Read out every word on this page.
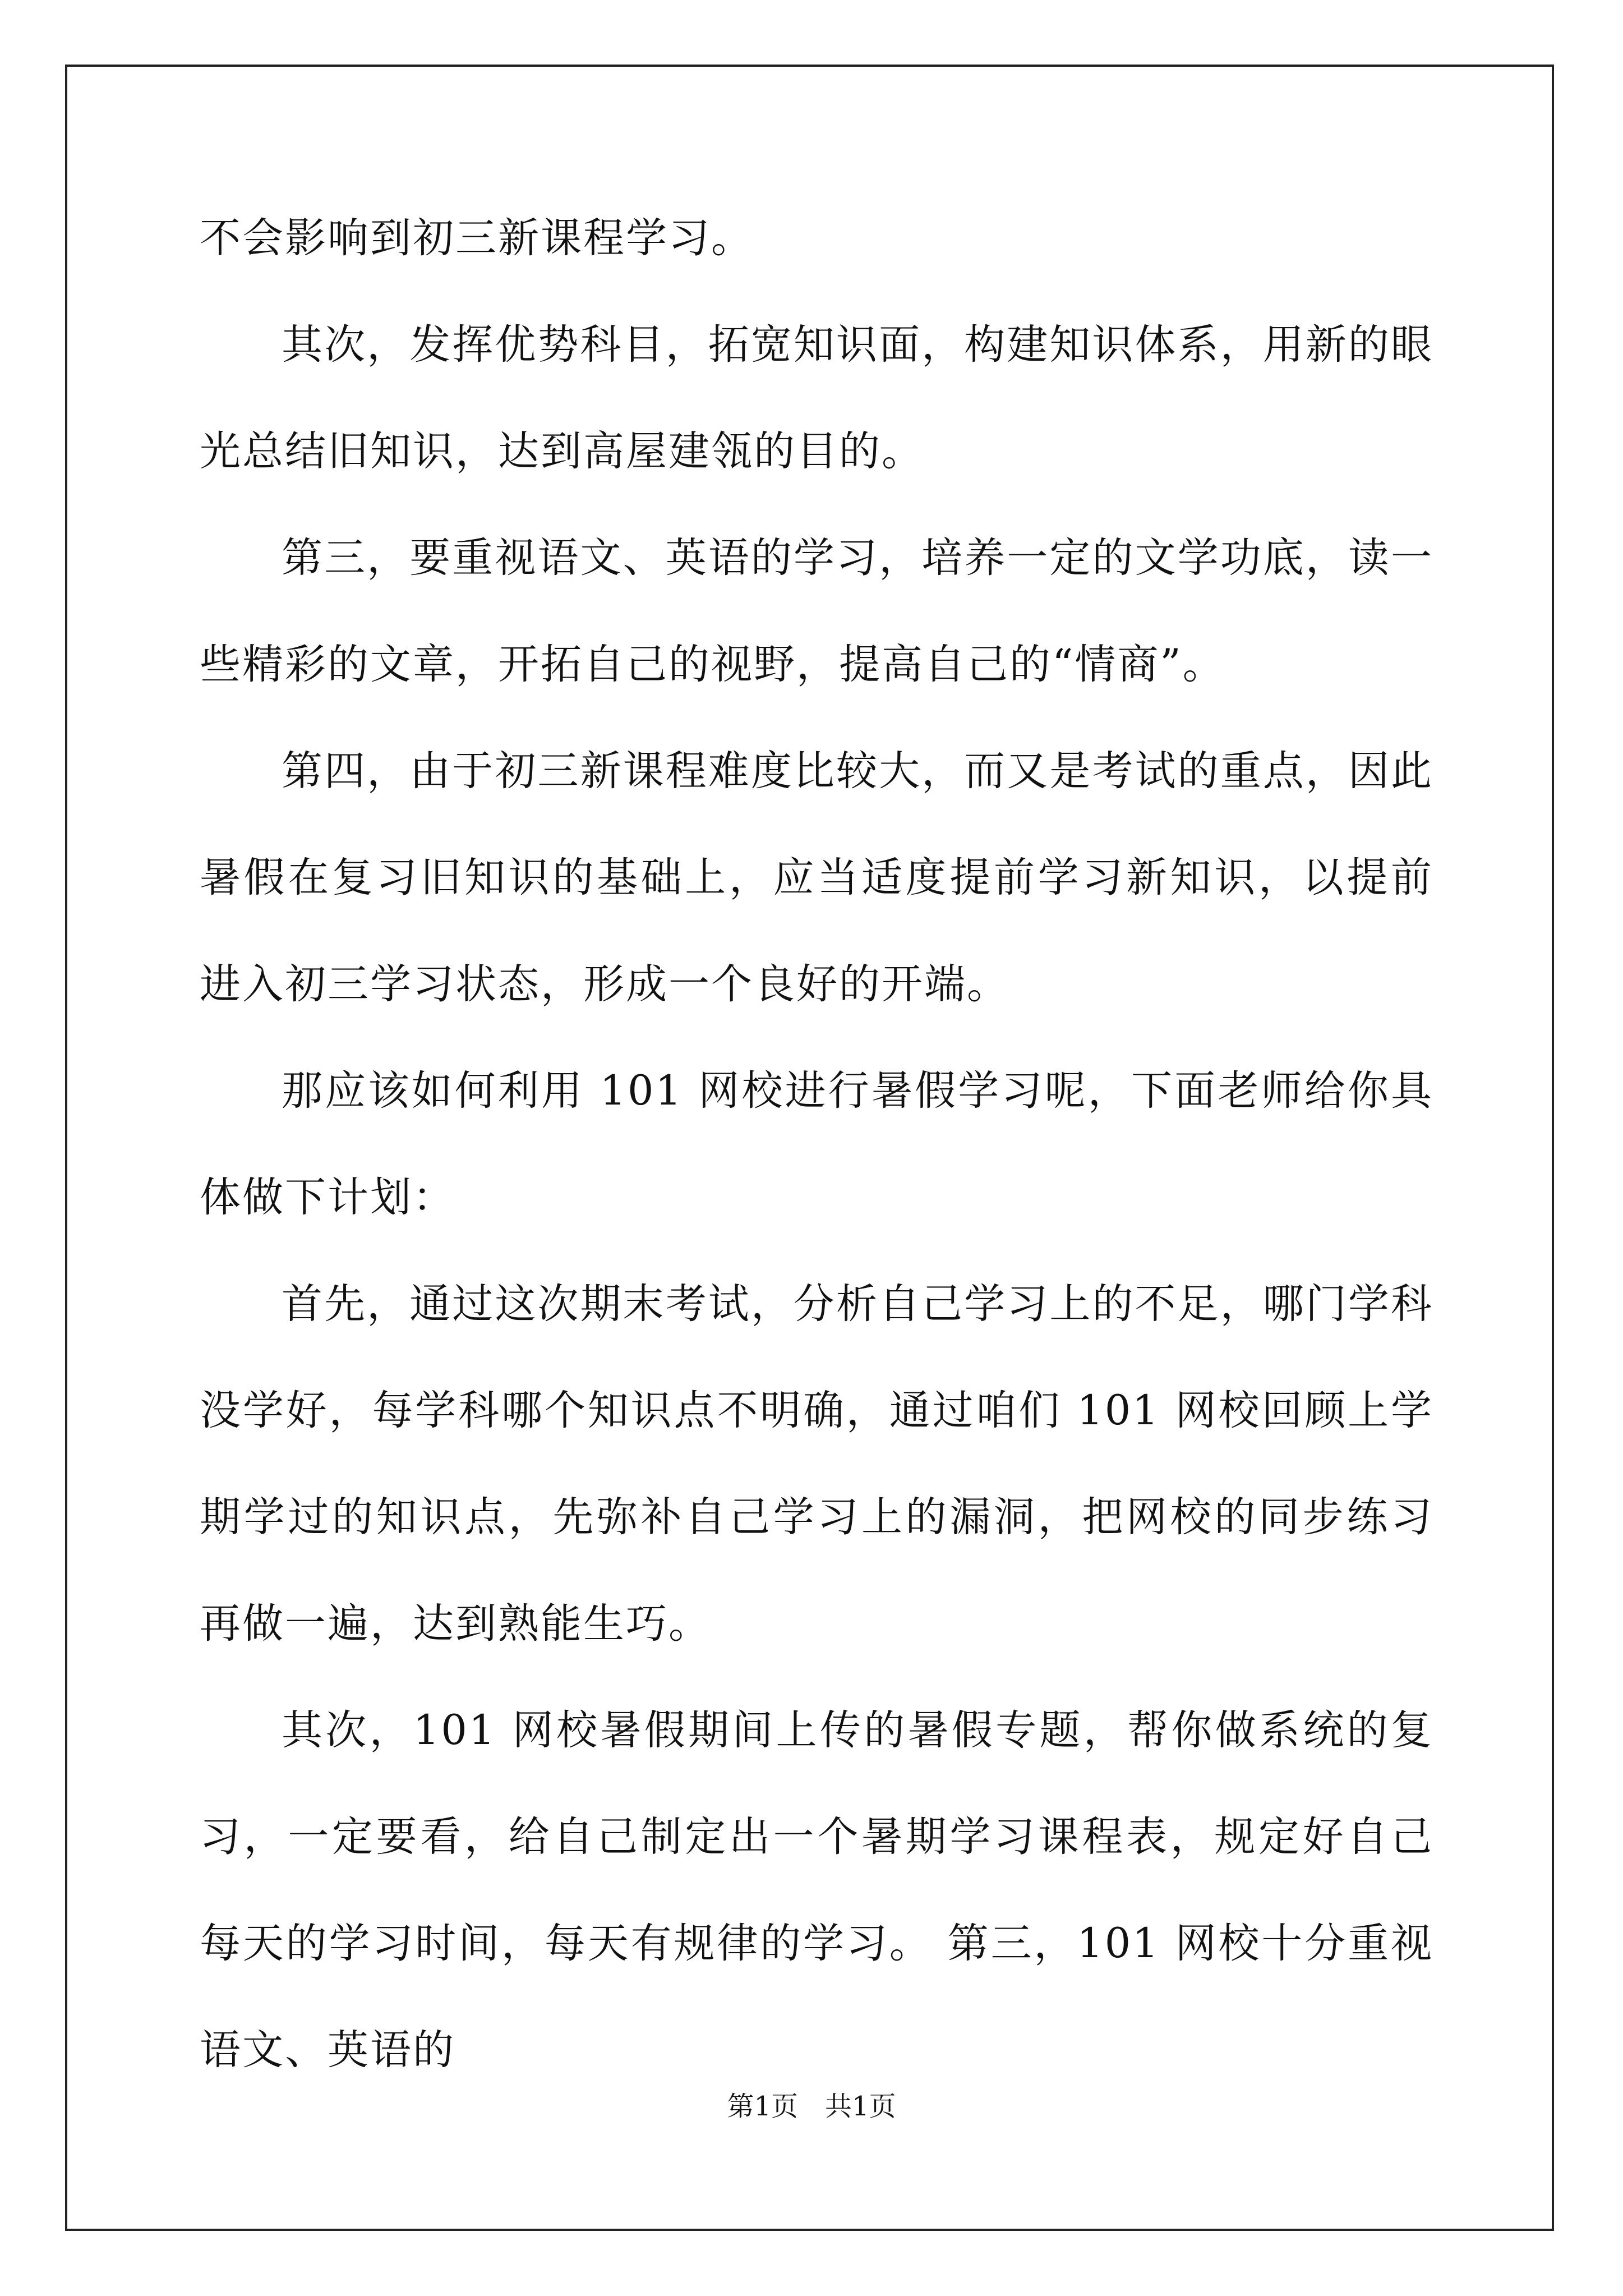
不会影响到初三新课程学习。

其次，发挥优势科目，拓宽知识面，构建知识体系，用新的眼光总结旧知识，达到高屋建瓴的目的。

第三，要重视语文、英语的学习，培养一定的文学功底，读一些精彩的文章，开拓自己的视野，提高自己的“情商”。

第四，由于初三新课程难度比较大，而又是考试的重点，因此暑假在复习旧知识的基础上，应当适度提前学习新知识，以提前进入初三学习状态，形成一个良好的开端。

那应该如何利用 101 网校进行暑假学习呢，下面老师给你具体做下计划：

首先，通过这次期末考试，分析自己学习上的不足，哪门学科没学好，每学科哪个知识点不明确，通过咱们 101 网校回顾上学期学过的知识点，先弥补自己学习上的漏洞，把网校的同步练习再做一遍，达到熟能生巧。

其次，101 网校暑假期间上传的暑假专题，帮你做系统的复习，一定要看，给自己制定出一个暑期学习课程表，规定好自己每天的学习时间，每天有规律的学习。 第三，101 网校十分重视语文、英语的

第1页　共1页
